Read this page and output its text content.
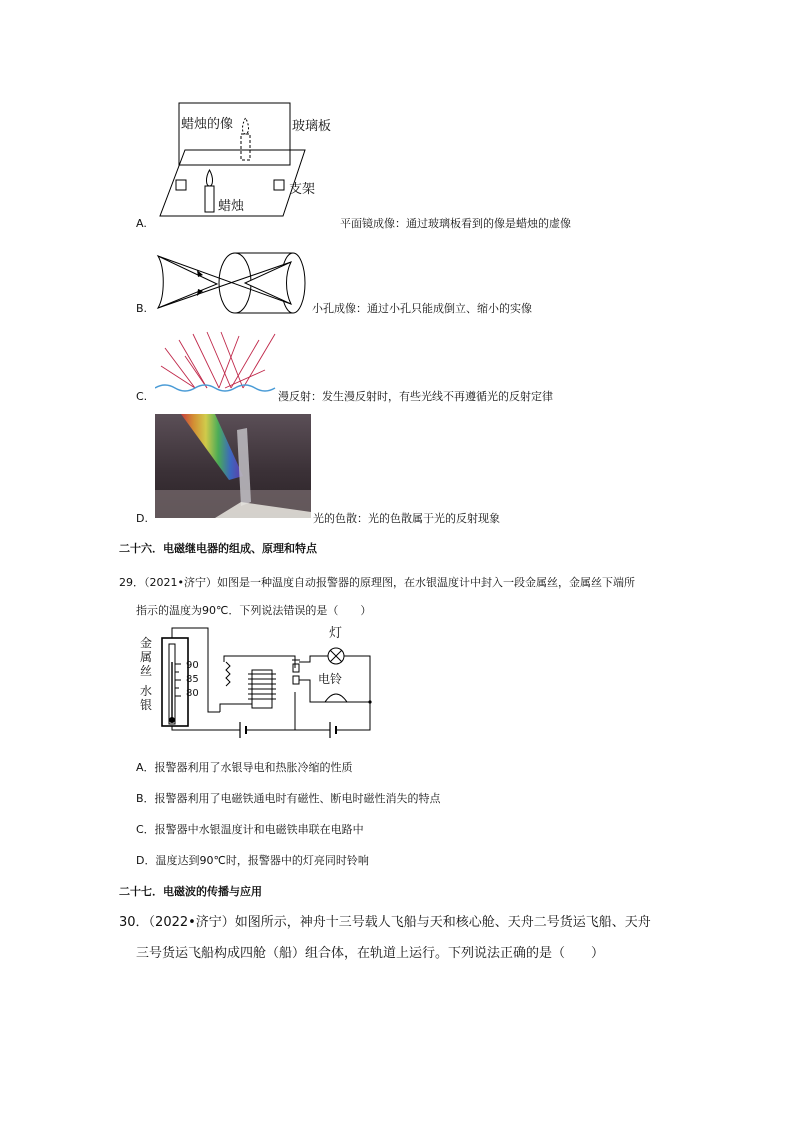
蜡烛的像	玻璃板
支架
蜡烛
A.	平面镜成像：通过玻璃板看到的像是蜡烛的虚像
B.	小孔成像：通过小孔只能成倒立、缩小的实像
C.	漫反射：发生漫反射时，有些光线不再遵循光的反射定律
D.	光的色散：光的色散属于光的反射现象
二十六．电磁继电器的组成、原理和特点
29．（2021•济宁）如图是一种温度自动报警器的原理图，在水银温度计中封入一段金属丝，金属丝下端所
指示的温度为90℃．下列说法错误的是（　　）
金属丝
水银
90
85
80
灯
电铃
A．报警器利用了水银导电和热胀冷缩的性质
B．报警器利用了电磁铁通电时有磁性、断电时磁性消失的特点
C．报警器中水银温度计和电磁铁串联在电路中
D．温度达到90℃时，报警器中的灯亮同时铃响
二十七．电磁波的传播与应用
30．（2022•济宁）如图所示，神舟十三号载人飞船与天和核心舱、天舟二号货运飞船、天舟
三号货运飞船构成四舱（船）组合体，在轨道上运行。下列说法正确的是（　　）
